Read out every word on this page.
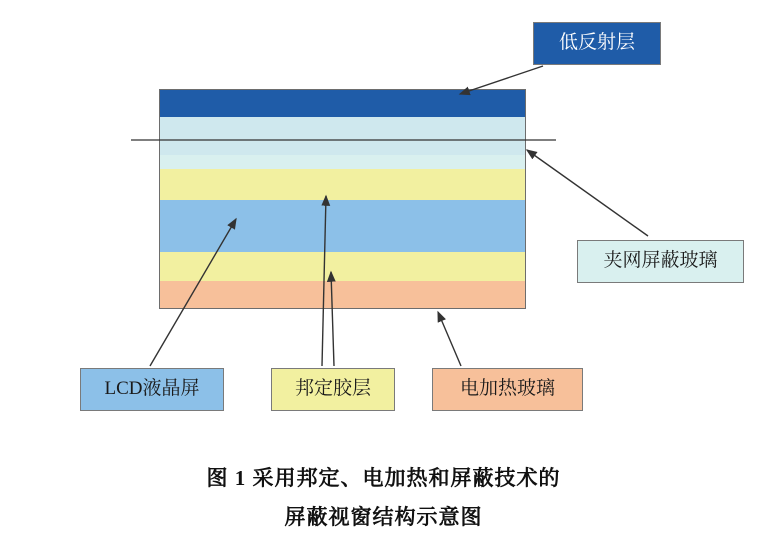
低反射层
夹网屏蔽玻璃
LCD液晶屏	邦定胶层	电加热玻璃
图 1 采用邦定、电加热和屏蔽技术的
屏蔽视窗结构示意图
